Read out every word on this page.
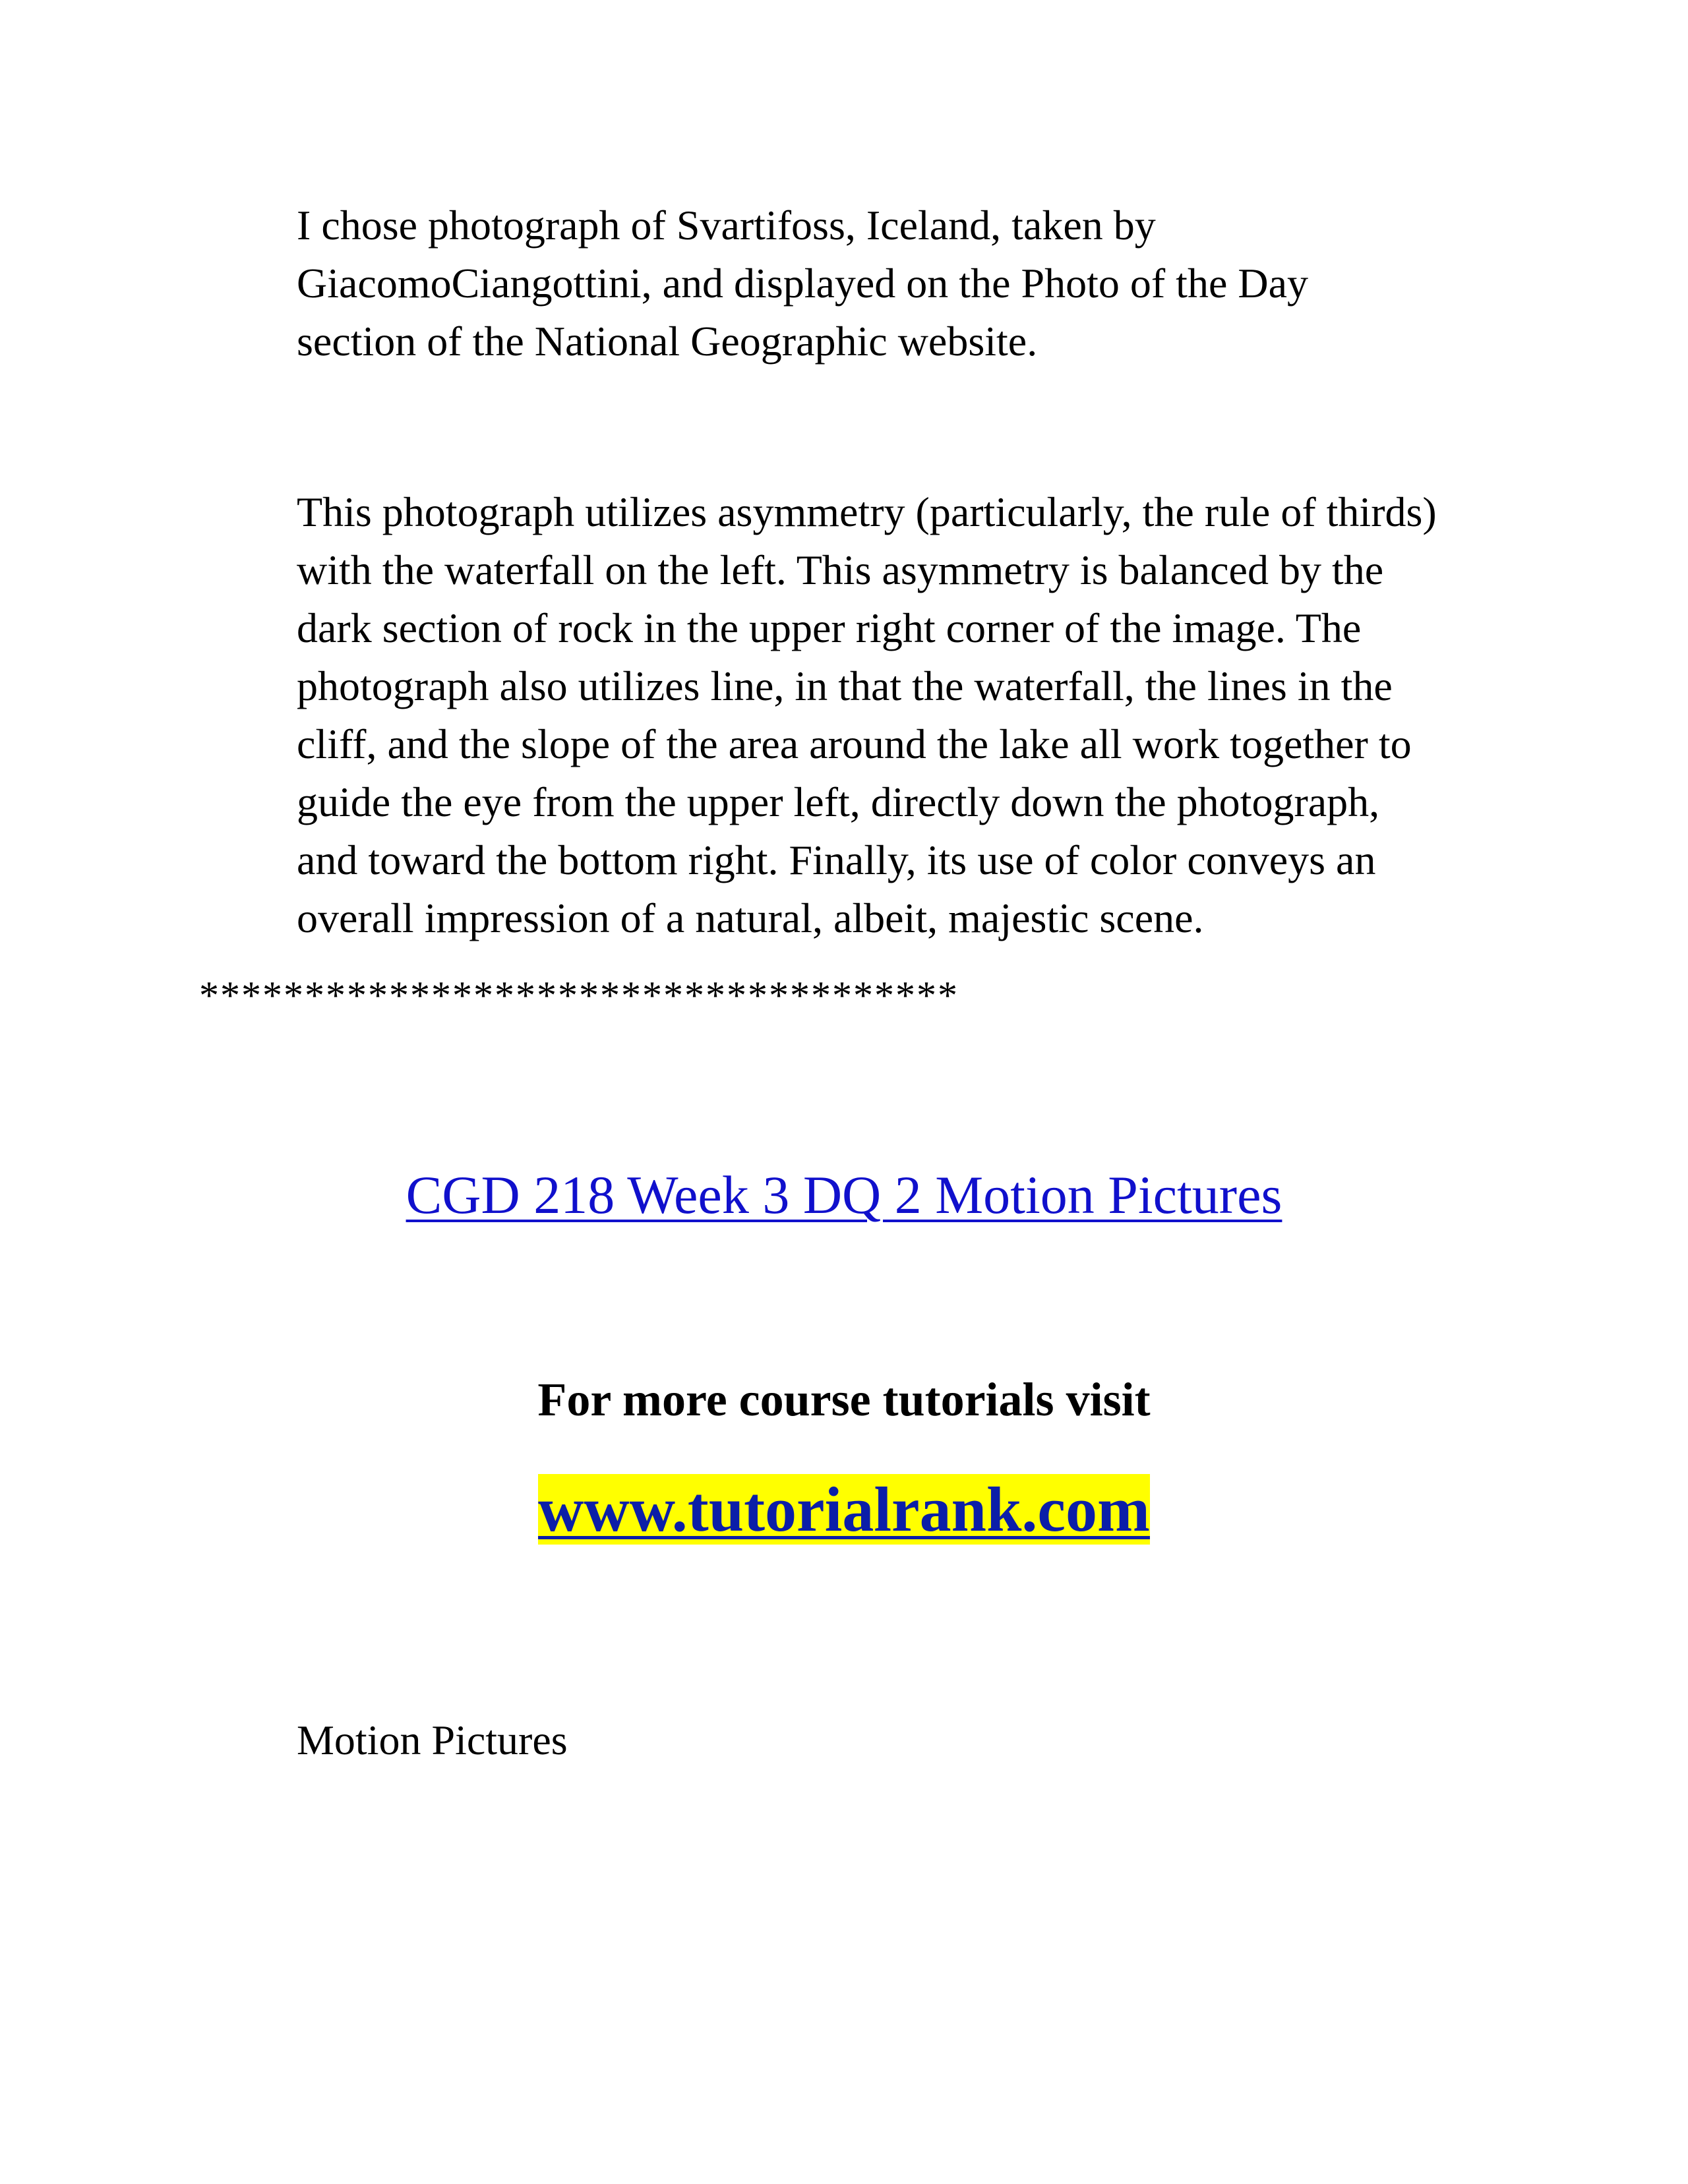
I chose photograph of Svartifoss, Iceland, taken by
GiacomoCiangottini, and displayed on the Photo of the Day
section of the National Geographic website.

This photograph utilizes asymmetry (particularly, the rule of thirds)
with the waterfall on the left. This asymmetry is balanced by the
dark section of rock in the upper right corner of the image. The
photograph also utilizes line, in that the waterfall, the lines in the
cliff, and the slope of the area around the lake all work together to
guide the eye from the upper left, directly down the photograph,
and toward the bottom right. Finally, its use of color conveys an
overall impression of a natural, albeit, majestic scene.

************************************
CGD 218 Week 3 DQ 2 Motion Pictures
For more course tutorials visit
www.tutorialrank.com
Motion Pictures
